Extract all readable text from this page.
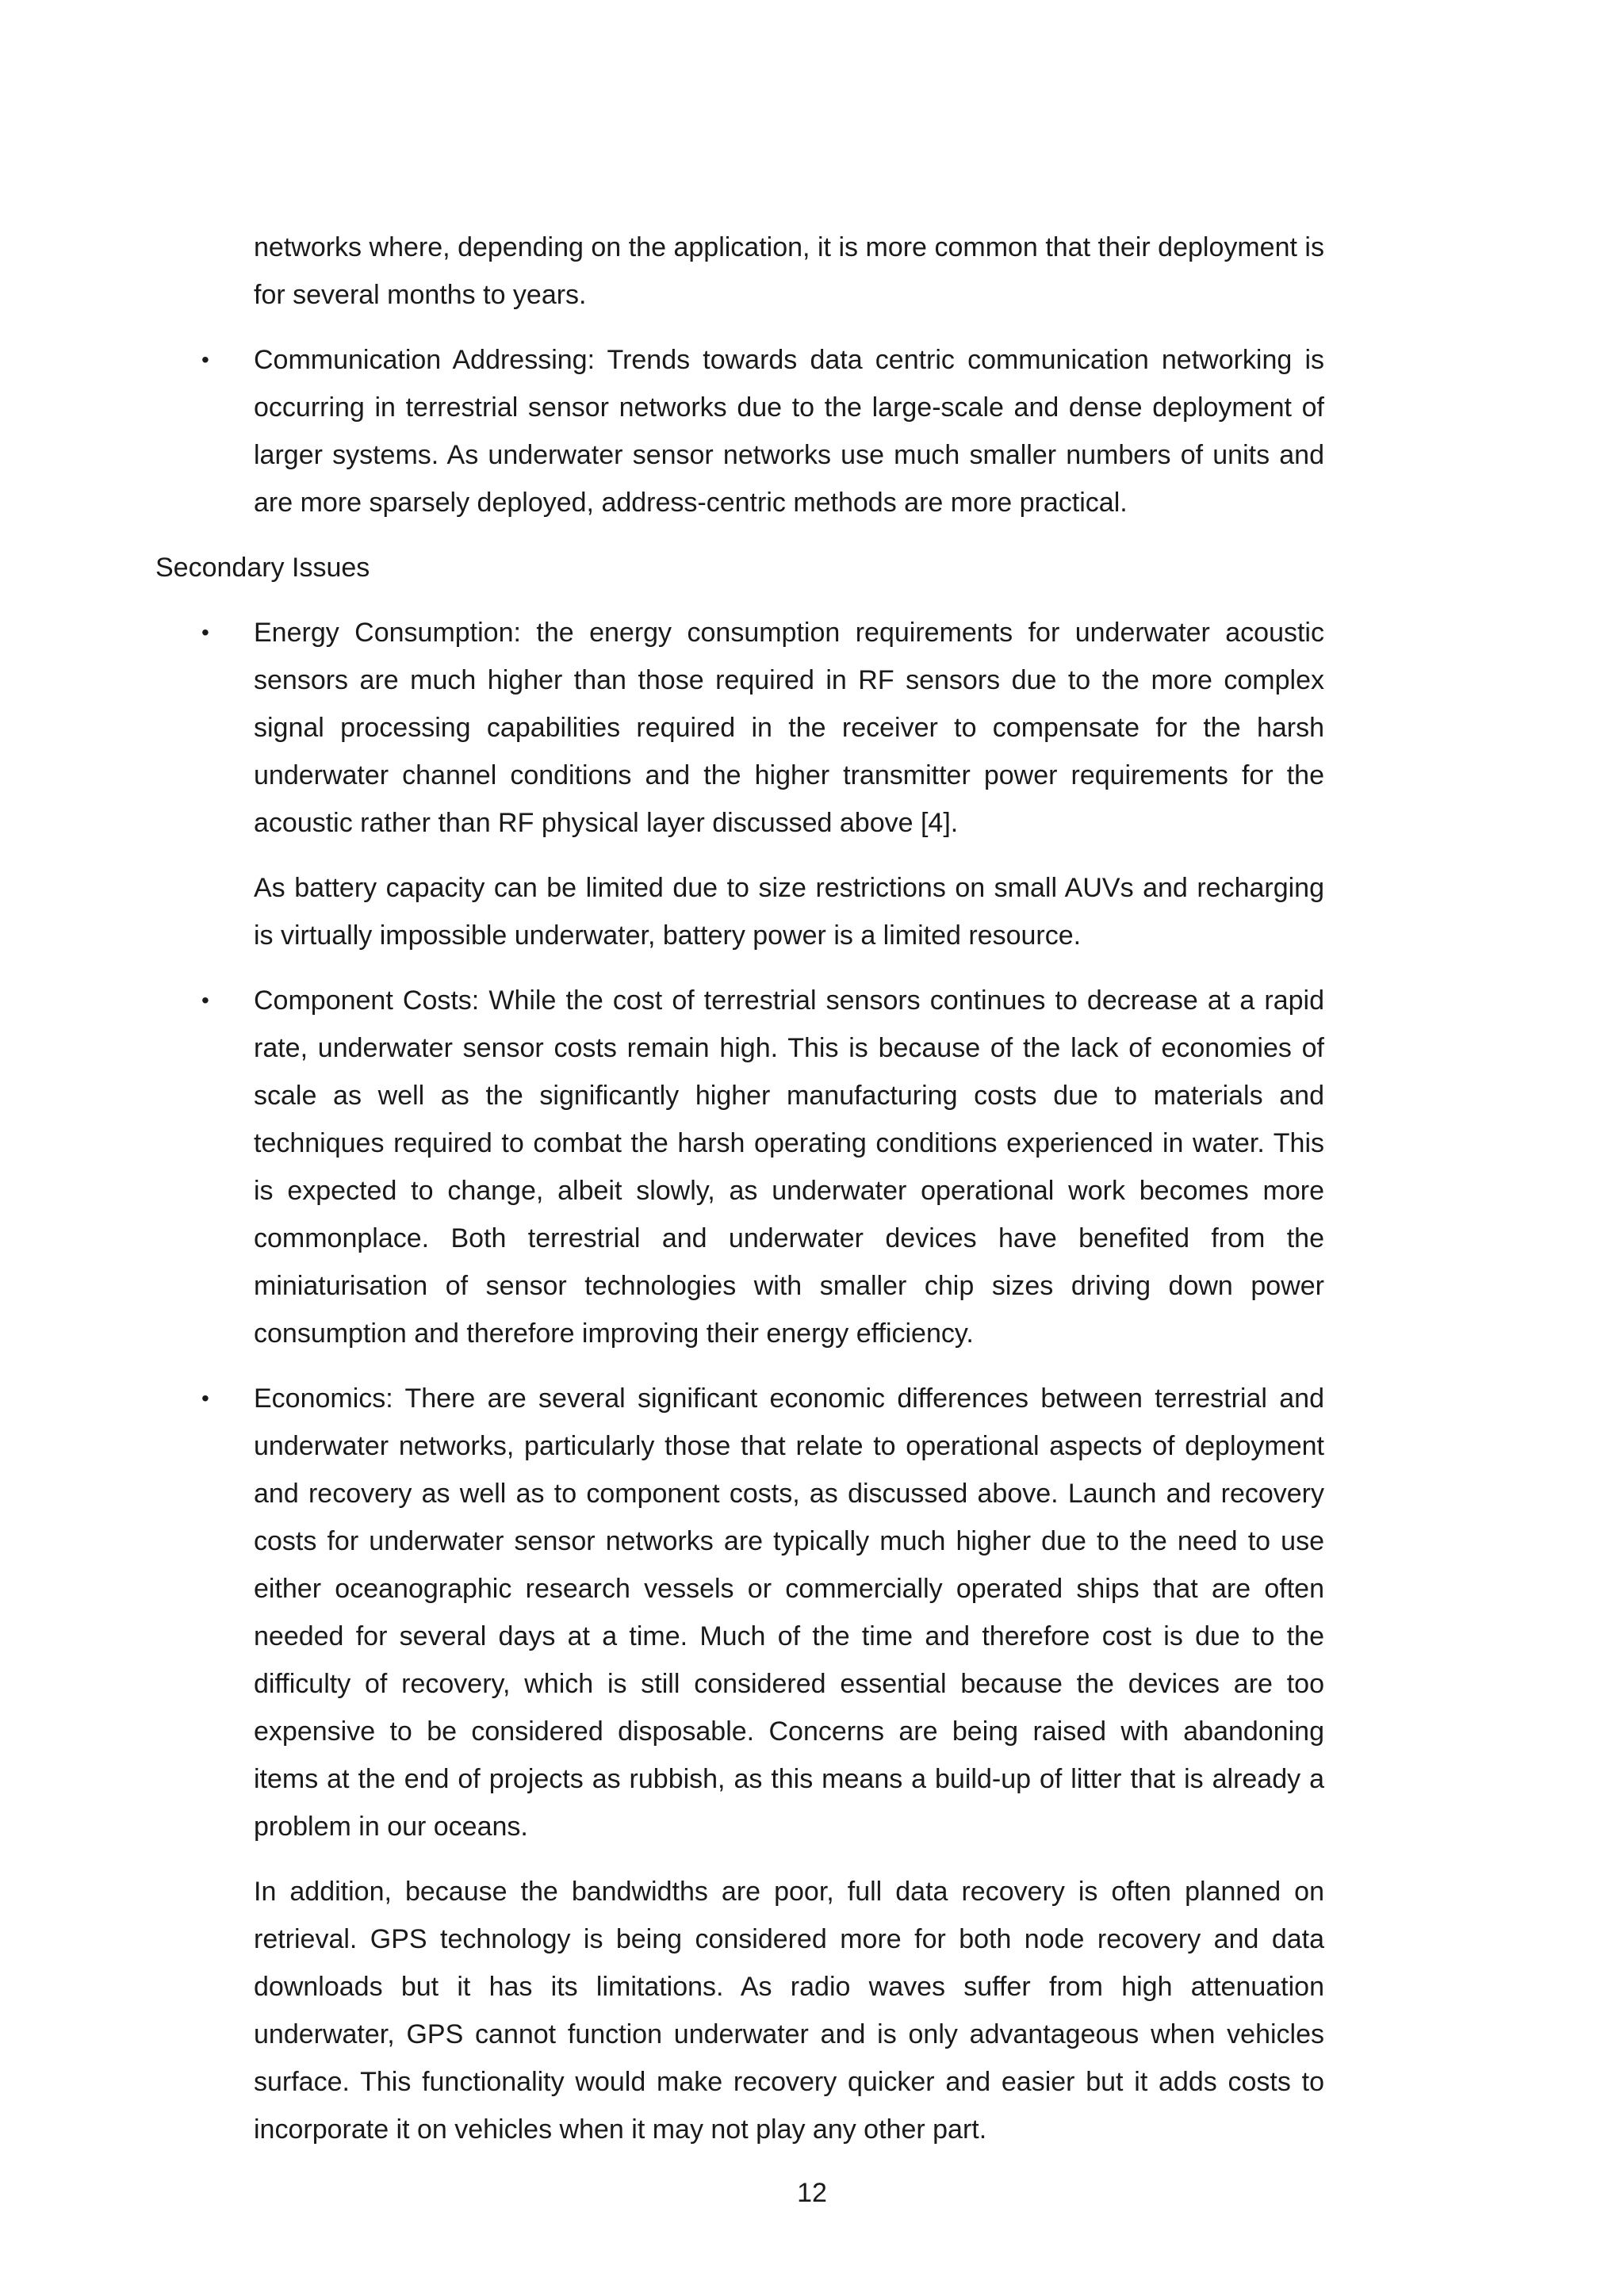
networks where, depending on the application, it is more common that their deployment is for several months to years.

• Communication Addressing: Trends towards data centric communication networking is occurring in terrestrial sensor networks due to the large-scale and dense deployment of larger systems. As underwater sensor networks use much smaller numbers of units and are more sparsely deployed, address-centric methods are more practical.

Secondary Issues

• Energy Consumption: the energy consumption requirements for underwater acoustic sensors are much higher than those required in RF sensors due to the more complex signal processing capabilities required in the receiver to compensate for the harsh underwater channel conditions and the higher transmitter power requirements for the acoustic rather than RF physical layer discussed above [4].

As battery capacity can be limited due to size restrictions on small AUVs and recharging is virtually impossible underwater, battery power is a limited resource.

• Component Costs: While the cost of terrestrial sensors continues to decrease at a rapid rate, underwater sensor costs remain high. This is because of the lack of economies of scale as well as the significantly higher manufacturing costs due to materials and techniques required to combat the harsh operating conditions experienced in water. This is expected to change, albeit slowly, as underwater operational work becomes more commonplace. Both terrestrial and underwater devices have benefited from the miniaturisation of sensor technologies with smaller chip sizes driving down power consumption and therefore improving their energy efficiency.

• Economics: There are several significant economic differences between terrestrial and underwater networks, particularly those that relate to operational aspects of deployment and recovery as well as to component costs, as discussed above. Launch and recovery costs for underwater sensor networks are typically much higher due to the need to use either oceanographic research vessels or commercially operated ships that are often needed for several days at a time. Much of the time and therefore cost is due to the difficulty of recovery, which is still considered essential because the devices are too expensive to be considered disposable. Concerns are being raised with abandoning items at the end of projects as rubbish, as this means a build-up of litter that is already a problem in our oceans.

In addition, because the bandwidths are poor, full data recovery is often planned on retrieval. GPS technology is being considered more for both node recovery and data downloads but it has its limitations. As radio waves suffer from high attenuation underwater, GPS cannot function underwater and is only advantageous when vehicles surface. This functionality would make recovery quicker and easier but it adds costs to incorporate it on vehicles when it may not play any other part.

12
